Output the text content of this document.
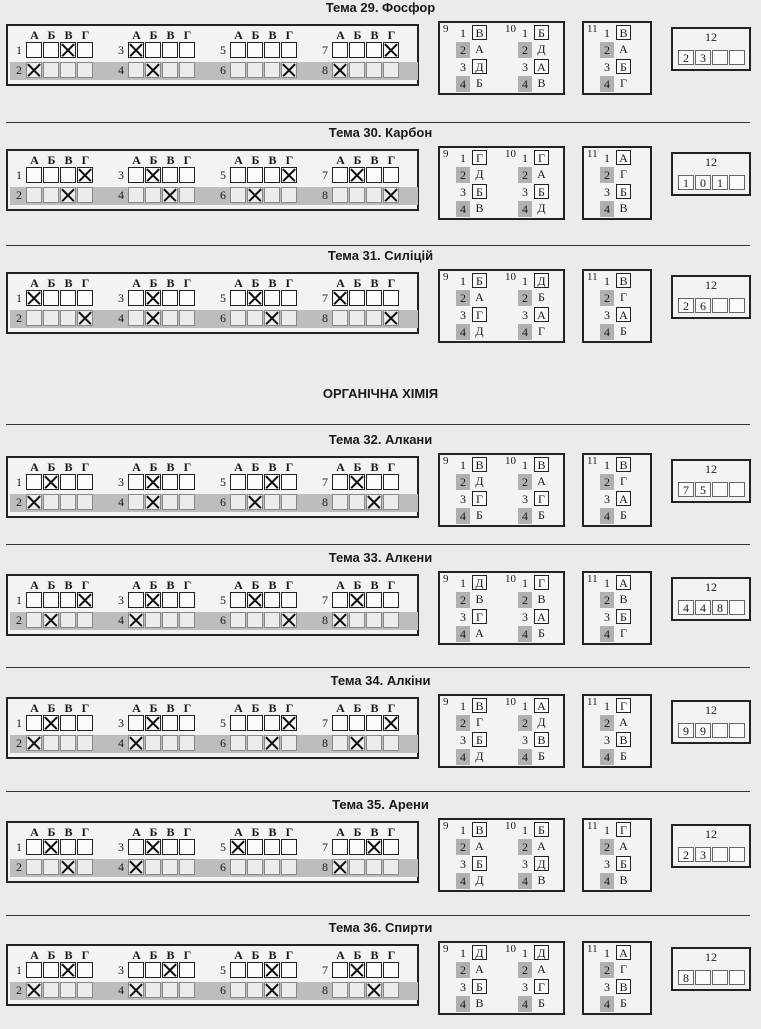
ОРГАНІЧНА ХІМІЯ
Тема 29. Фосфор
А Б В Г
1
2
А Б В Г
3
4
А Б В Г
5
6
А Б В Г
7
8
9 1 В
2 А
3 Д
4 Б
10 1 Б
2 Д
3 А
4 В
11 1 В
2 А
3 Б
4 Г
12
2 3
Тема 30. Карбон
А Б В Г
1
2
А Б В Г
3
4
А Б В Г
5
6
А Б В Г
7
8
9 1 Г
2 Д
3 Б
4 В
10 1 Г
2 А
3 Б
4 Д
11 1 А
2 Г
3 Б
4 В
12
1 0 1
Тема 31. Силіцій
А Б В Г
1
2
А Б В Г
3
4
А Б В Г
5
6
А Б В Г
7
8
9 1 Б
2 А
3 Г
4 Д
10 1 Д
2 Б
3 А
4 Г
11 1 В
2 Г
3 А
4 Б
12
2 6
Тема 32. Алкани
А Б В Г
1
2
А Б В Г
3
4
А Б В Г
5
6
А Б В Г
7
8
9 1 В
2 Д
3 Г
4 Б
10 1 В
2 А
3 Г
4 Б
11 1 В
2 Г
3 А
4 Б
12
7 5
Тема 33. Алкени
А Б В Г
1
2
А Б В Г
3
4
А Б В Г
5
6
А Б В Г
7
8
9 1 Д
2 В
3 Г
4 А
10 1 Г
2 В
3 А
4 Б
11 1 А
2 В
3 Б
4 Г
12
4 4 8
Тема 34. Алкіни
А Б В Г
1
2
А Б В Г
3
4
А Б В Г
5
6
А Б В Г
7
8
9 1 В
2 Г
3 Б
4 Д
10 1 А
2 Д
3 В
4 Б
11 1 Г
2 А
3 В
4 Б
12
9 9
Тема 35. Арени
А Б В Г
1
2
А Б В Г
3
4
А Б В Г
5
6
А Б В Г
7
8
9 1 В
2 А
3 Б
4 Д
10 1 Б
2 А
3 Д
4 В
11 1 Г
2 А
3 Б
4 В
12
2 3
Тема 36. Спирти
А Б В Г
1
2
А Б В Г
3
4
А Б В Г
5
6
А Б В Г
7
8
9 1 Д
2 А
3 Б
4 В
10 1 Д
2 А
3 Г
4 Б
11 1 А
2 Г
3 В
4 Б
12
8
